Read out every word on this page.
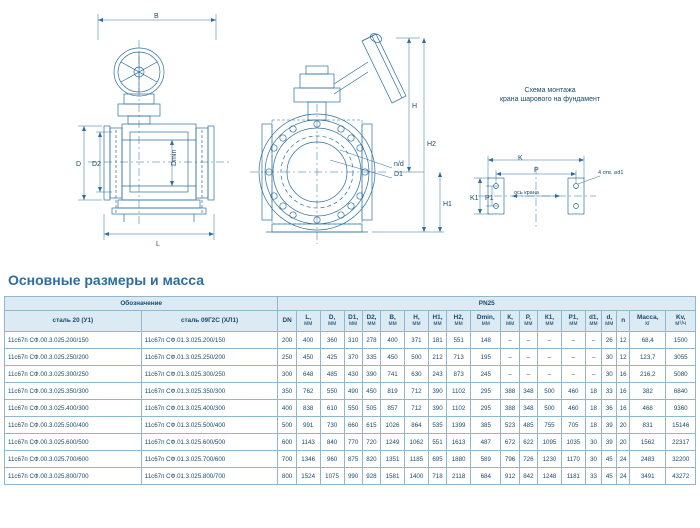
B
D D2	Dmin
L
H
H2
H1
D1
n/d
K
P
K1 P1
ось крана
4 отв. ⌀d1
Схема монтажа
крана шарового на фундамент
Основные размеры и масса
Обозначение		PN25																		
сталь 20 (У1)	сталь 09Г2С (ХЛ1)	DN	L,
мм	D,
мм	D1,
мм	D2,
мм	B,
мм	H,
мм	H1,
мм	H2,
мм	Dmin,
мм	К,
мм	Р,
мм	К1,
мм	Р1,
мм	d1,
мм	d,
мм	n	Масса,
кг	Kv,
м³/ч

11с67п СФ.00.3.025.200/150	11с67п СФ.01.3.025.200/150	200	400	360	310	278	400	371	181	551	148	–	–	–	–	–	26	12	68,4	1500
11с67п СФ.00.3.025.250/200	11с67п СФ.01.3.025.250/200	250	450	425	370	335	450	500	212	713	195	–	–	–	–	–	30	12	123,7	3055
11с67п СФ.00.3.025.300/250	11с67п СФ.01.3.025.300/250	300	648	485	430	390	741	630	243	873	245	–	–	–	–	–	30	16	216,2	5080
11с67п СФ.00.3.025.350/300	11с67п СФ.01.3.025.350/300	350	762	550	490	450	819	712	390	1102	295	388	348	500	460	18	33	16	382	6840
11с67п СФ.00.3.025.400/300	11с67п СФ.01.3.025.400/300	400	838	610	550	505	857	712	390	1102	295	388	348	500	460	18	36	16	468	9360
11с67п СФ.00.3.025.500/400	11с67п СФ.01.3.025.500/400	500	991	730	660	615	1026	864	535	1399	385	523	485	755	705	18	39	20	831	15146
11с67п СФ.00.3.025.600/500	11с67п СФ.01.3.025.600/500	600	1143	840	770	720	1249	1062	551	1613	487	672	622	1095	1035	30	39	20	1562	22317
11с67п СФ.00.3.025.700/600	11с67п СФ.01.3.025.700/600	700	1346	960	875	820	1351	1185	695	1880	589	796	726	1230	1170	30	45	24	2483	32200
11с67п СФ.00.3.025.800/700	11с67п СФ.01.3.025.800/700	800	1524	1075	990	928	1581	1400	718	2118	684	912	842	1248	1181	33	45	24	3491	43272
